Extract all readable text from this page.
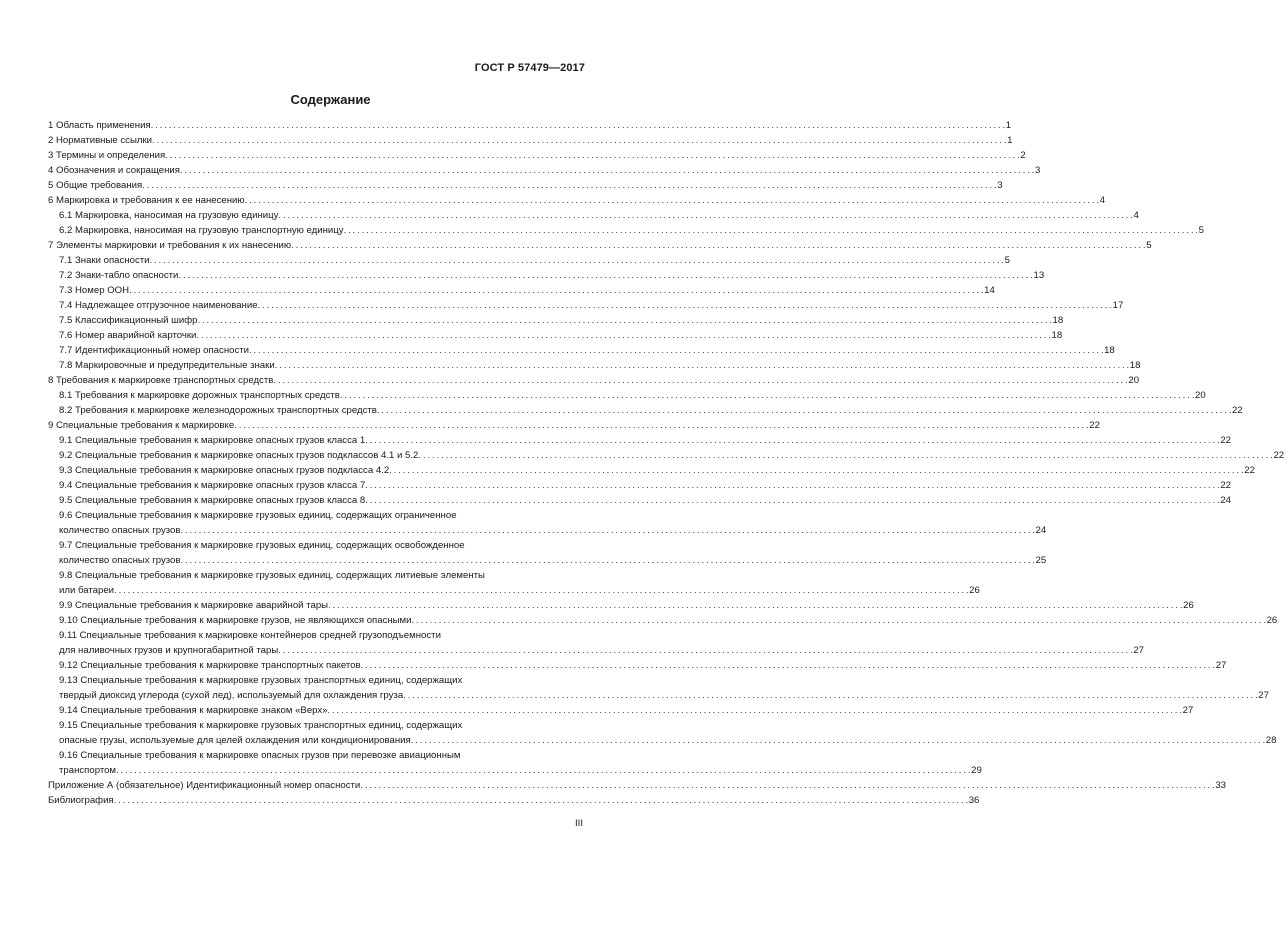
ГОСТ Р 57479—2017
Содержание
1 Область применения . . .	1
2 Нормативные ссылки . . .	1
3 Термины и определения . . .	2
4 Обозначения и сокращения . . .	3
5 Общие требования . . .	3
6 Маркировка и требования к ее нанесению . . .	4
6.1 Маркировка, наносимая на грузовую единицу . . .	4
6.2 Маркировка, наносимая на грузовую транспортную единицу . . .	5
7 Элементы маркировки и требования к их нанесению . . .	5
7.1 Знаки опасности . . .	5
7.2 Знаки-табло опасности . . .	13
7.3 Номер ООН . . .	14
7.4 Надлежащее отгрузочное наименование . . .	17
7.5 Классификационный шифр . . .	18
7.6 Номер аварийной карточки . . .	18
7.7 Идентификационный номер опасности . . .	18
7.8 Маркировочные и предупредительные знаки . . .	18
8 Требования к маркировке транспортных средств . . .	20
8.1 Требования к маркировке дорожных транспортных средств . . .	20
8.2 Требования к маркировке железнодорожных транспортных средств . . .	22
9 Специальные требования к маркировке . . .	22
9.1 Специальные требования к маркировке опасных грузов класса 1 . . .	22
9.2 Специальные требования к маркировке опасных грузов подклассов 4.1 и 5.2 . . .	22
9.3 Специальные требования к маркировке опасных грузов подкласса 4.2 . . .	22
9.4 Специальные требования к маркировке опасных грузов класса 7 . . .	22
9.5 Специальные требования к маркировке опасных грузов класса 8 . . .	24
9.6 Специальные требования к маркировке грузовых единиц, содержащих ограниченное
количество опасных грузов . . .	24
9.7 Специальные требования к маркировке грузовых единиц, содержащих освобожденное
количество опасных грузов . . .	25
9.8 Специальные требования к маркировке грузовых единиц, содержащих литиевые элементы
или батареи . . .	26
9.9 Специальные требования к маркировке аварийной тары . . .	26
9.10 Специальные требования к маркировке грузов, не являющихся опасными . . .	26
9.11 Специальные требования к маркировке контейнеров средней грузоподъемности
для наливочных грузов и крупногабаритной тары . . .	27
9.12 Специальные требования к маркировке транспортных пакетов . . .	27
9.13 Специальные требования к маркировке грузовых транспортных единиц, содержащих
твердый диоксид углерода (сухой лед), используемый для охлаждения груза . . .	27
9.14 Специальные требования к маркировке знаком «Верх» . . .	27
9.15 Специальные требования к маркировке грузовых транспортных единиц, содержащих
опасные грузы, используемые для целей охлаждения или кондиционирования . . .	28
9.16 Специальные требования к маркировке опасных грузов при перевозке авиационным
транспортом . . .	29
Приложение А (обязательное) Идентификационный номер опасности . . .	33
Библиография . . .	36
III
